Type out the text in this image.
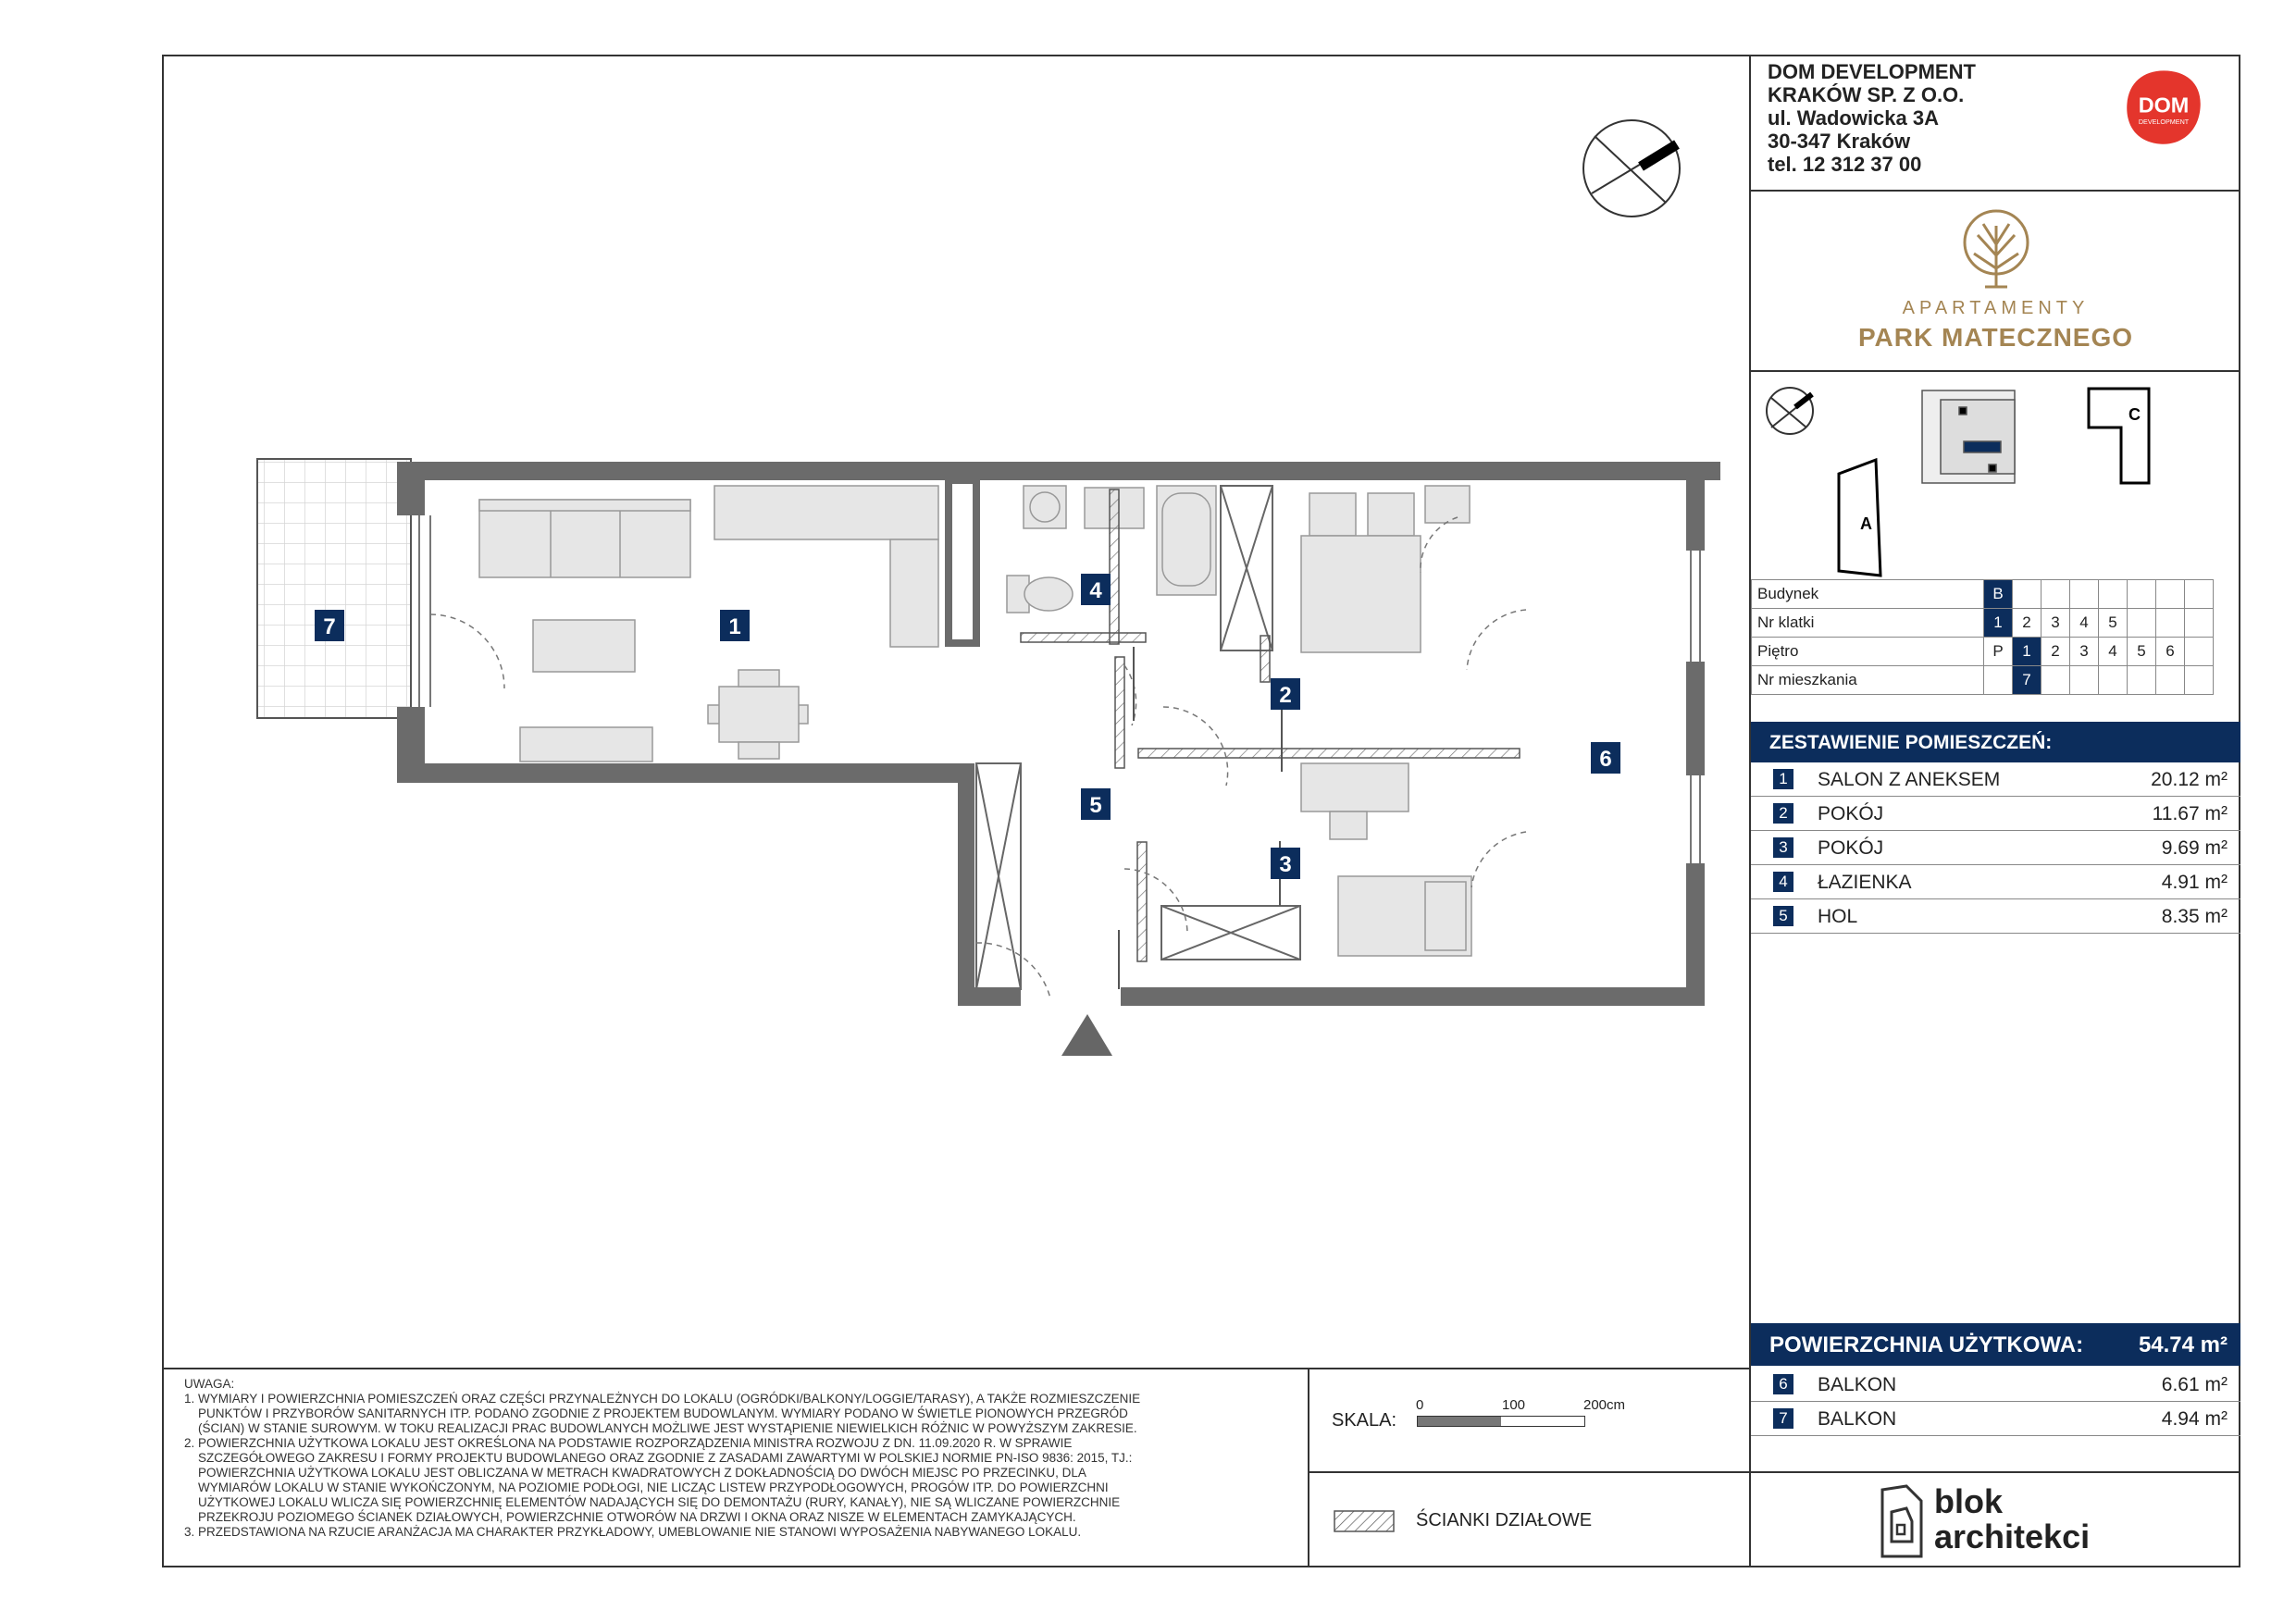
1
2
3
4
5
6
7
DOM DEVELOPMENT
KRAKÓW SP. Z O.O.
ul. Wadowicka 3A
30-347 Kraków
tel. 12 312 37 00
DOM
DEVELOPMENT
APARTAMENTY
PARK MATECZNEGO
A
C
Budynek	B							
Nr klatki	1	2	3	4	5			
Piętro	P	1	2	3	4	5	6	
Nr mieszkania		7						
ZESTAWIENIE POMIESZCZEŃ:
1 SALON Z ANEKSEM	20.12 m²
2 POKÓJ	11.67 m²
3 POKÓJ	9.69 m²
4 ŁAZIENKA	4.91 m²
5 HOL	8.35 m²
POWIERZCHNIA UŻYTKOWA: 54.74 m²
6 BALKON	6.61 m²
7 BALKON	4.94 m²
UWAGA:
1. WYMIARY I POWIERZCHNIA POMIESZCZEŃ ORAZ CZĘŚCI PRZYNALEŻNYCH DO LOKALU (OGRÓDKI/BALKONY/LOGGIE/TARASY), A TAKŻE ROZMIESZCZENIE
PUNKTÓW I PRZYBORÓW SANITARNYCH ITP. PODANO ZGODNIE Z PROJEKTEM BUDOWLANYM. WYMIARY PODANO W ŚWIETLE PIONOWYCH PRZEGRÓD
(ŚCIAN) W STANIE SUROWYM. W TOKU REALIZACJI PRAC BUDOWLANYCH MOŻLIWE JEST WYSTĄPIENIE NIEWIELKICH RÓŻNIC W POWYŻSZYM ZAKRESIE.
2. POWIERZCHNIA UŻYTKOWA LOKALU JEST OKREŚLONA NA PODSTAWIE ROZPORZĄDZENIA MINISTRA ROZWOJU Z DN. 11.09.2020 R. W SPRAWIE
SZCZEGÓŁOWEGO ZAKRESU I FORMY PROJEKTU BUDOWLANEGO ORAZ ZGODNIE Z ZASADAMI ZAWARTYMI W POLSKIEJ NORMIE PN-ISO 9836: 2015, TJ.:
POWIERZCHNIA UŻYTKOWA LOKALU JEST OBLICZANA W METRACH KWADRATOWYCH Z DOKŁADNOŚCIĄ DO DWÓCH MIEJSC PO PRZECINKU, DLA
WYMIARÓW LOKALU W STANIE WYKOŃCZONYM, NA POZIOMIE PODŁOGI, NIE LICZĄC LISTEW PRZYPODŁOGOWYCH, PROGÓW ITP. DO POWIERZCHNI
UŻYTKOWEJ LOKALU WLICZA SIĘ POWIERZCHNIĘ ELEMENTÓW NADAJĄCYCH SIĘ DO DEMONTAŻU (RURY, KANAŁY), NIE SĄ WLICZANE POWIERZCHNIE
PRZEKROJU POZIOMEGO ŚCIANEK DZIAŁOWYCH, POWIERZCHNIE OTWORÓW NA DRZWI I OKNA ORAZ NISZE W ELEMENTACH ZAMYKAJĄCYCH.
3. PRZEDSTAWIONA NA RZUCIE ARANŻACJA MA CHARAKTER PRZYKŁADOWY, UMEBLOWANIE NIE STANOWI WYPOSAŻENIA NABYWANEGO LOKALU.
SKALA:
0	100	200cm
ŚCIANKI DZIAŁOWE	blok
architekci
